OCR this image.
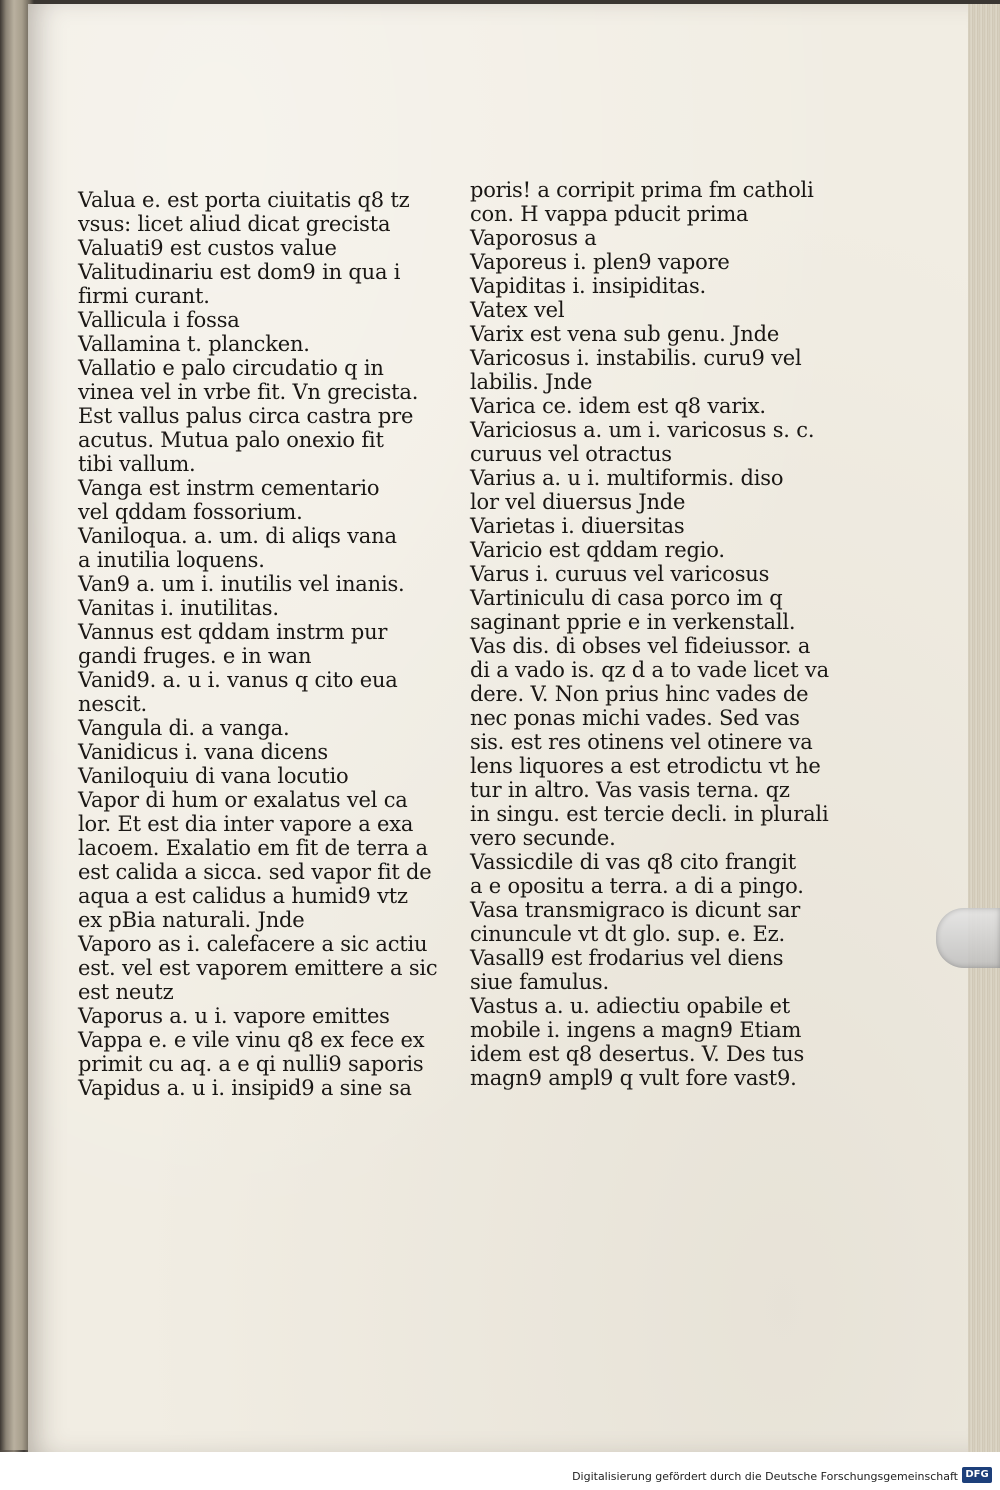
Valua e. est porta ciuitatis q8 tz
vsus: licet aliud dicat grecista
Valuati9 est custos value
Valitudinariu est dom9 in qua i
firmi curant.
Vallicula i fossa
Vallamina t. plancken.
Vallatio e palo circudatio q in
vinea vel in vrbe fit. Vn grecista.
Est vallus palus circa castra pre
acutus. Mutua palo onexio fit
tibi vallum.
Vanga est instrm cementario
vel qddam fossorium.
Vaniloqua. a. um. di aliqs vana
a inutilia loquens.
Van9 a. um i. inutilis vel inanis.
Vanitas i. inutilitas.
Vannus est qddam instrm pur
gandi fruges. e in wan
Vanid9. a. u i. vanus q cito eua
nescit.
Vangula di. a vanga.
Vanidicus i. vana dicens
Vaniloquiu di vana locutio
Vapor di hum or exalatus vel ca
lor. Et est dia inter vapore a exa
lacoem. Exalatio em fit de terra a
est calida a sicca. sed vapor fit de
aqua a est calidus a humid9 vtz
ex pBia naturali. Jnde
Vaporo as i. calefacere a sic actiu
est. vel est vaporem emittere a sic
est neutz
Vaporus a. u i. vapore emittes
Vappa e. e vile vinu q8 ex fece ex
primit cu aq. a e qi nulli9 saporis
Vapidus a. u i. insipid9 a sine sa
poris! a corripit prima fm catholi
con. H vappa pducit prima
Vaporosus a
Vaporeus i. plen9 vapore
Vapiditas i. insipiditas.
Vatex vel
Varix est vena sub genu. Jnde
Varicosus i. instabilis. curu9 vel
labilis. Jnde
Varica ce. idem est q8 varix.
Variciosus a. um i. varicosus s. c.
curuus vel otractus
Varius a. u i. multiformis. diso
lor vel diuersus Jnde
Varietas i. diuersitas
Varicio est qddam regio.
Varus i. curuus vel varicosus
Vartiniculu di casa porco im q
saginant pprie e in verkenstall.
Vas dis. di obses vel fideiussor. a
di a vado is. qz d a to vade licet va
dere. V. Non prius hinc vades de
nec ponas michi vades. Sed vas
sis. est res otinens vel otinere va
lens liquores a est etrodictu vt he
tur in altro. Vas vasis terna. qz
in singu. est tercie decli. in plurali
vero secunde.
Vassicdile di vas q8 cito frangit
a e opositu a terra. a di a pingo.
Vasa transmigraco is dicunt sar
cinuncule vt dt glo. sup. e. Ez.
Vasall9 est frodarius vel diens
siue famulus.
Vastus a. u. adiectiu opabile et
mobile i. ingens a magn9 Etiam
idem est q8 desertus. V. Des tus
magn9 ampl9 q vult fore vast9.
Digitalisierung gefördert durch die Deutsche Forschungsgemeinschaft DFG
